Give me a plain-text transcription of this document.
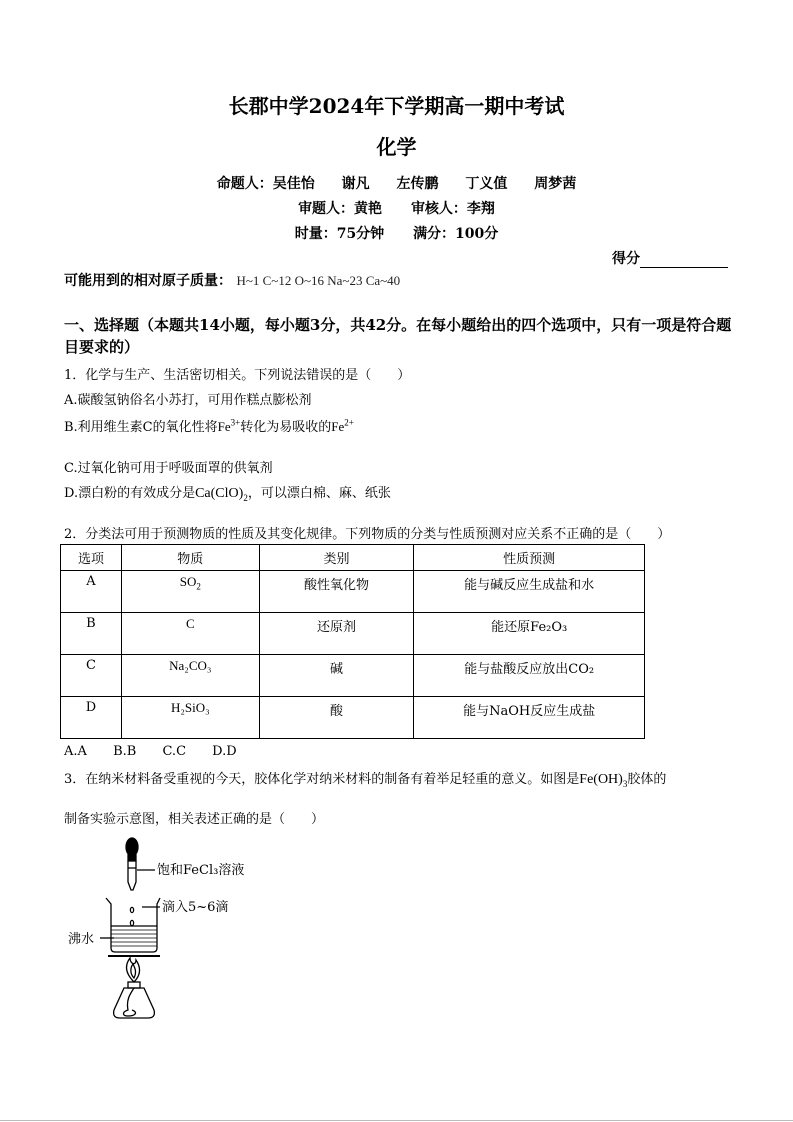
长郡中学2024年下学期高一期中考试
化学
命题人：吴佳怡 谢凡 左传鹏 丁义值 周梦茜
审题人：黄艳 审核人：李翔
时量：75分钟 满分：100分
得分
可能用到的相对原子质量： H~1 C~12 O~16 Na~23 Ca~40
一、选择题（本题共14小题，每小题3分，共42分。在每小题给出的四个选项中，只有一项是符合题目要求的）
1．化学与生产、生活密切相关。下列说法错误的是（　　）
A.碳酸氢钠俗名小苏打，可用作糕点膨松剂
B.利用维生素C的氧化性将$Fe^{3+}$转化为易吸收的$Fe^{2+}$
C.过氧化钠可用于呼吸面罩的供氧剂
D.漂白粉的有效成分是$Ca(ClO)_2$，可以漂白棉、麻、纸张
2．分类法可用于预测物质的性质及其变化规律。下列物质的分类与性质预测对应关系不正确的是（　　）
选项	物质	类别	性质预测
A	$SO_2$	酸性氧化物	能与碱反应生成盐和水
B	C	还原剂	能还原Fe₂O₃
C	Na₂CO₃	碱	能与盐酸反应放出CO₂
D	H₂SiO₃	酸	能与NaOH反应生成盐
A.A B.B C.C D.D
3．在纳米材料备受重视的今天，胶体化学对纳米材料的制备有着举足轻重的意义。如图是$Fe(OH)_3$胶体的
制备实验示意图，相关表述正确的是（　　）
饱和FeCl₃溶液
滴入5~6滴
沸水
